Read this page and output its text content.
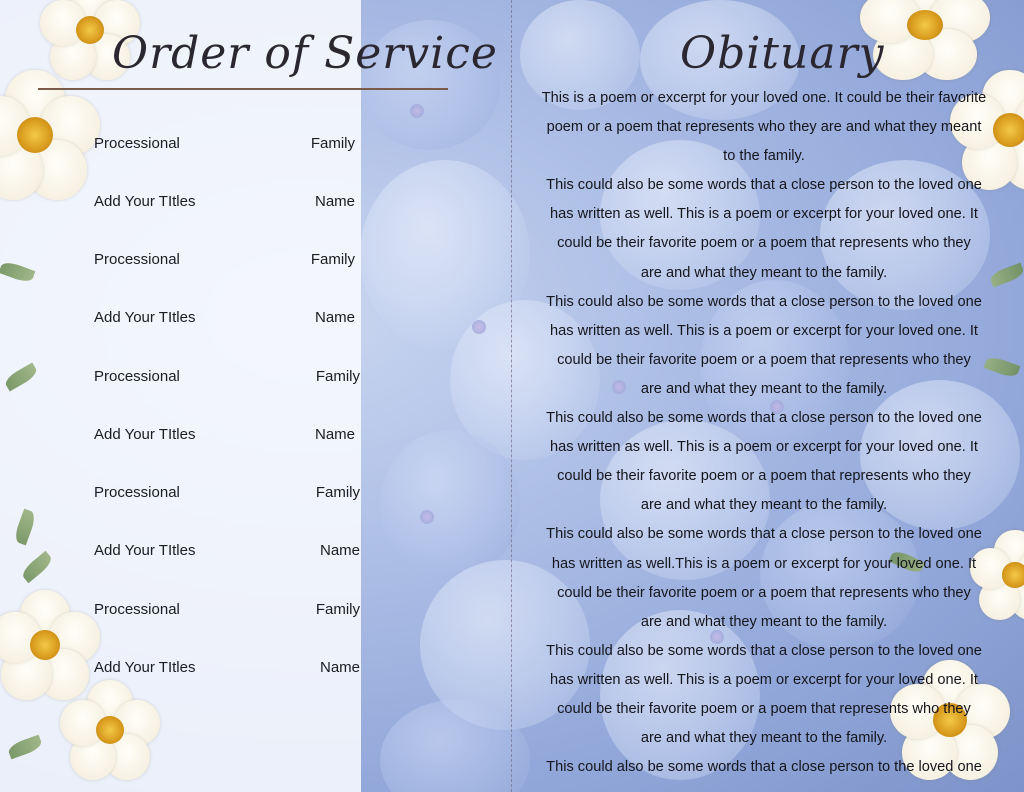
Order of Service
Processional	Family
Add Your TItles	Name
Processional	Family
Add Your TItles	Name
Processional	Family
Add Your TItles	Name
Processional	Family
Add Your TItles	Name
Processional	Family
Add Your TItles	Name
Obituary
This is a poem or excerpt for your loved one. It could be their favorite
poem or a poem that represents who they are and what they meant
to the family.
This could also be some words that a close person to the loved one
has written as well. This is a poem or excerpt for your loved one. It
could be their favorite poem or a poem that represents who they
are and what they meant to the family.
This could also be some words that a close person to the loved one
has written as well. This is a poem or excerpt for your loved one. It
could be their favorite poem or a poem that represents who they
are and what they meant to the family.
This could also be some words that a close person to the loved one
has written as well. This is a poem or excerpt for your loved one. It
could be their favorite poem or a poem that represents who they
are and what they meant to the family.
This could also be some words that a close person to the loved one
has written as well.This is a poem or excerpt for your loved one. It
could be their favorite poem or a poem that represents who they
are and what they meant to the family.
This could also be some words that a close person to the loved one
has written as well. This is a poem or excerpt for your loved one. It
could be their favorite poem or a poem that represents who they
are and what they meant to the family.
This could also be some words that a close person to the loved one
